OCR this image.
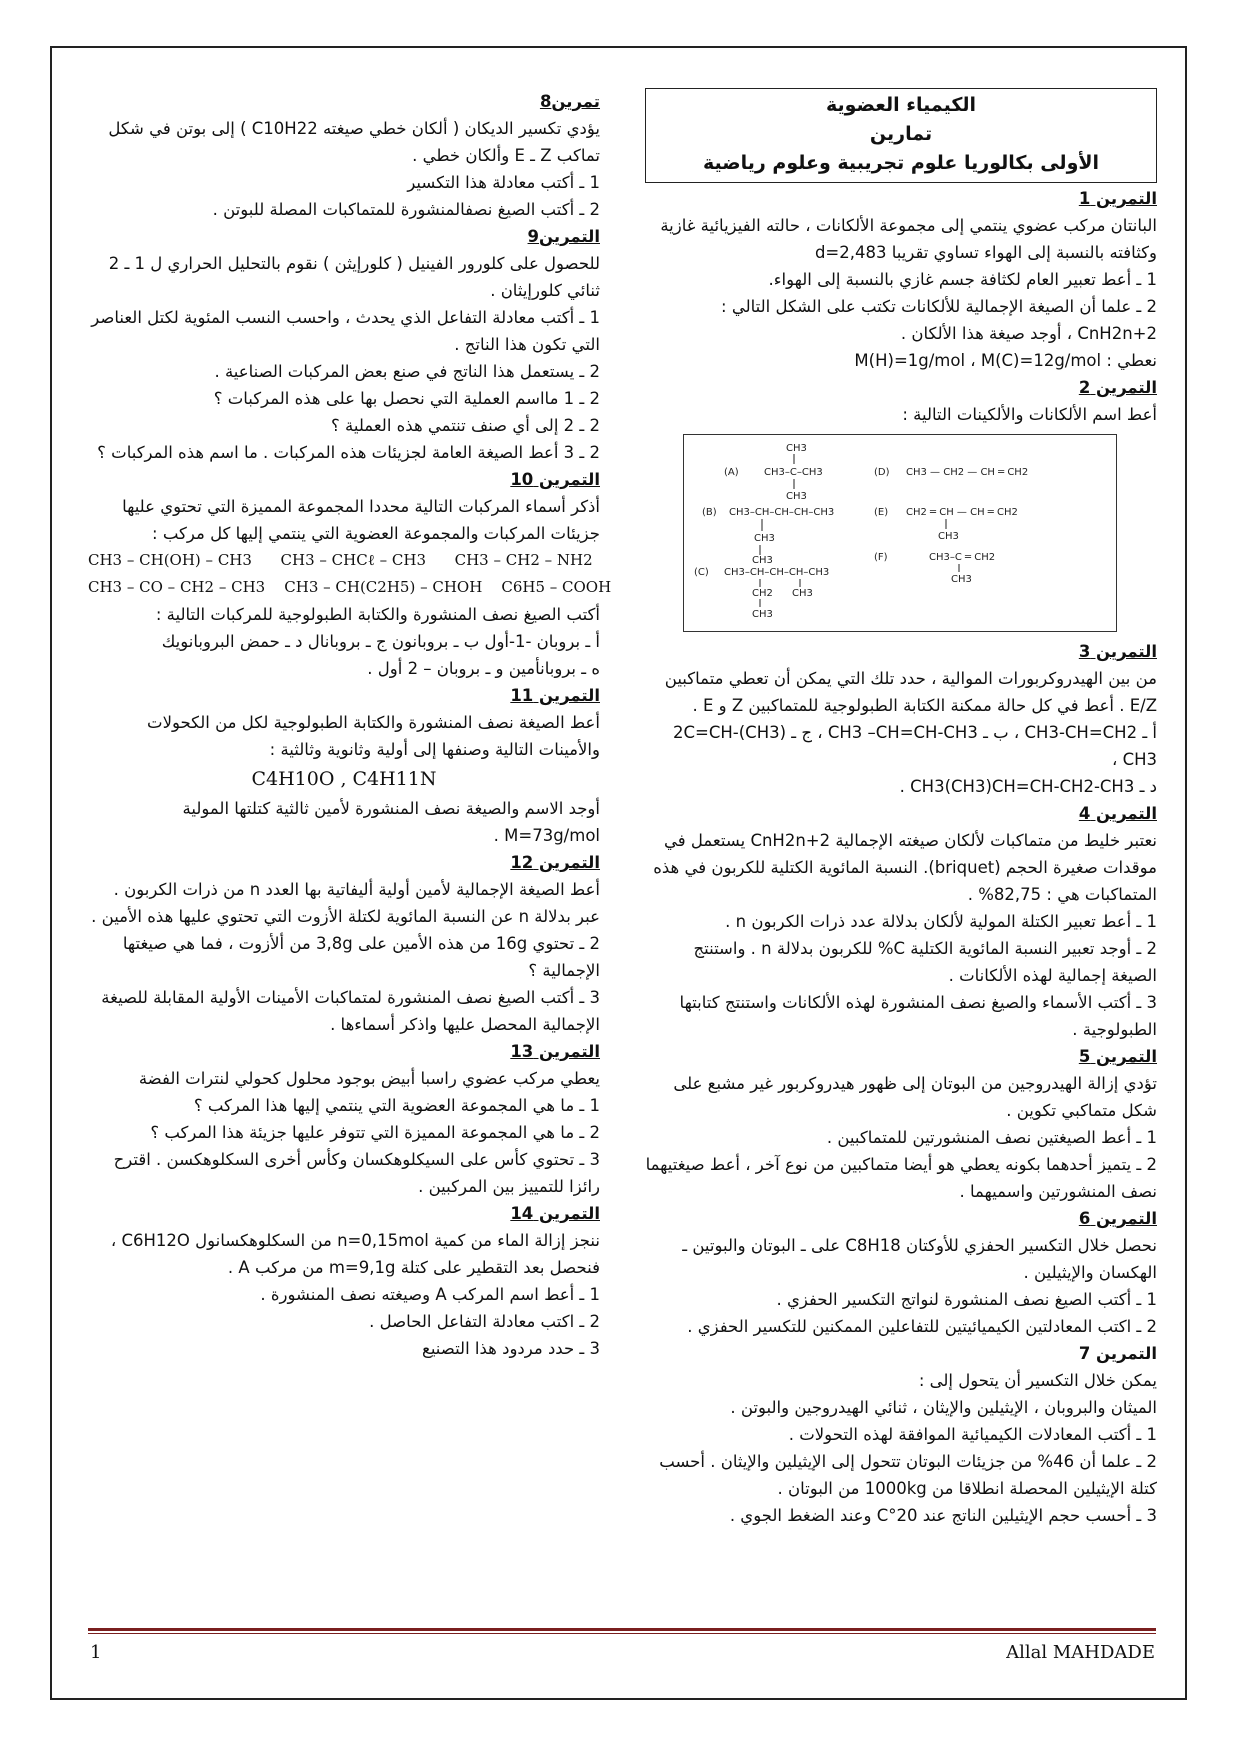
الكيمياء العضوية
تمارين
الأولى بكالوريا علوم تجريبية وعلوم رياضية
التمرين 1

البانتان مركب عضوي ينتمي إلى مجموعة الألكانات ، حالته الفيزيائية غازية وكثافته بالنسبة إلى الهواء تساوي تقريبا d=2,483

1 ـ أعط تعبير العام لكثافة جسم غازي بالنسبة إلى الهواء.

2 ـ علما أن الصيغة الإجمالية للألكانات تكتب على الشكل التالي : CnH2n+2 ، أوجد صيغة هذا الألكان .

نعطي : M(H)=1g/mol ، M(C)=12g/mol

التمرين 2

أعط اسم الألكانات والألكينات التالية :

(A)
CH3
CH3–C–CH3
CH3
(D) CH3 — CH2 — CH ═ CH2
(B) CH3–CH–CH–CH–CH3
CH3
CH3
(E) CH2 ═ CH — CH ═ CH2
CH3
(C) CH3–CH–CH–CH–CH3
CH2
CH3
CH3
(F)	CH3–C ═ CH2
CH3
التمرين 3

من بين الهيدروكربورات الموالية ، حدد تلك التي يمكن أن تعطي متماكبين E/Z . أعط في كل حالة ممكنة الكتابة الطبولوجية للمتماكبين Z و E .

أ ـ CH3-CH=CH2 ، ب ـ CH3 –CH=CH-CH3 ، ج ـ (CH3)2C=CH-CH3 ،

د ـ CH3(CH3)CH=CH-CH2-CH3 .

التمرين 4

نعتبر خليط من متماكبات لألكان صيغته الإجمالية CnH2n+2 يستعمل في موقدات صغيرة الحجم (briquet). النسبة المائوية الكتلية للكربون في هذه المتماكبات هي : 82,75% .

1 ـ أعط تعبير الكتلة المولية لألكان بدلالة عدد ذرات الكربون n .

2 ـ أوجد تعبير النسبة المائوية الكتلية C% للكربون بدلالة n . واستنتج الصيغة إجمالية لهذه الألكانات .

3 ـ أكتب الأسماء والصيغ نصف المنشورة لهذه الألكانات واستنتج كتابتها الطبولوجية .

التمرين 5

تؤدي إزالة الهيدروجين من البوتان إلى ظهور هيدروكربور غير مشبع على شكل متماكبي تكوين .

1 ـ أعط الصيغتين نصف المنشورتين للمتماكبين .

2 ـ يتميز أحدهما بكونه يعطي هو أيضا متماكبين من نوع آخر ، أعط صيغتيهما نصف المنشورتين واسميهما .

التمرين 6

نحصل خلال التكسير الحفزي للأوكتان C8H18 على ـ البوتان والبوتين ـ الهكسان والإيثيلين .

1 ـ أكتب الصيغ نصف المنشورة لنواتج التكسير الحفزي .

2 ـ اكتب المعادلتين الكيميائيتين للتفاعلين الممكنين للتكسير الحفزي .

التمرين 7

يمكن خلال التكسير أن يتحول إلى :

الميثان والبروبان ، الإيثيلين والإيثان ، ثنائي الهيدروجين والبوتن .

1 ـ أكتب المعادلات الكيميائية الموافقة لهذه التحولات .

2 ـ علما أن 46% من جزيئات البوتان تتحول إلى الإيثيلين والإيثان . أحسب كتلة الإيثيلين المحصلة انطلاقا من 1000kg من البوتان .

3 ـ أحسب حجم الإيثيلين الناتج عند 20°C وعند الضغط الجوي .

تمرين8

يؤدي تكسير الديكان ( ألكان خطي صيغته C10H22 ) إلى بوتن في شكل تماكب Z ـ E وألكان خطي .

1 ـ أكتب معادلة هذا التكسير

2 ـ أكتب الصيغ نصفالمنشورة للمتماكبات المصلة للبوتن .

التمرين9

للحصول على كلورور الفينيل ( كلورإيثن ) نقوم بالتحليل الحراري ل 1 ـ 2 ثنائي كلورإيثان .

1 ـ أكتب معادلة التفاعل الذي يحدث ، واحسب النسب المئوية لكتل العناصر التي تكون هذا الناتج .

2 ـ يستعمل هذا الناتج في صنع بعض المركبات الصناعية .

2 ـ 1 مااسم العملية التي نحصل بها على هذه المركبات ؟

2 ـ 2 إلى أي صنف تنتمي هذه العملية ؟

2 ـ 3 أعط الصيغة العامة لجزيئات هذه المركبات . ما اسم هذه المركبات ؟

التمرين 10

أذكر أسماء المركبات التالية محددا المجموعة المميزة التي تحتوي عليها جزيئات المركبات والمجموعة العضوية التي ينتمي إليها كل مركب :

CH3 – CH(OH) – CH3      CH3 – CHCℓ – CH3      CH3 – CH2 – NH2
CH3 – CO – CH2 – CH3    CH3 – CH(C2H5) – CHOH    C6H5 – COOH

أكتب الصيغ نصف المنشورة والكتابة الطبولوجية للمركبات التالية :

أ ـ بروبان -1-أول ب ـ بروبانون ج ـ بروبانال د ـ حمض البروبانويك

ه ـ بروبانأمين و ـ بروبان – 2 أول .

التمرين 11

أعط الصيغة نصف المنشورة والكتابة الطبولوجية لكل من الكحولات والأمينات التالية وصنفها إلى أولية وثانوية وثالثية :

C4H10O , C4H11N

أوجد الاسم والصيغة نصف المنشورة لأمين ثالثية كتلتها المولية M=73g/mol .

التمرين 12

أعط الصيغة الإجمالية لأمين أولية أليفاتية بها العدد n من ذرات الكربون . عبر بدلالة n عن النسبة المائوية لكتلة الأزوت التي تحتوي عليها هذه الأمين .

2 ـ تحتوي 16g من هذه الأمين على 3,8g من ألأزوت ، فما هي صيغتها الإجمالية ؟

3 ـ أكتب الصيغ نصف المنشورة لمتماكبات الأمينات الأولية المقابلة للصيغة الإجمالية المحصل عليها واذكر أسماءها .

التمرين 13

يعطي مركب عضوي راسبا أبيض بوجود محلول كحولي لنترات الفضة

1 ـ ما هي المجموعة العضوية التي ينتمي إليها هذا المركب ؟

2 ـ ما هي المجموعة المميزة التي تتوفر عليها جزيئة هذا المركب ؟

3 ـ تحتوي كأس على السيكلوهكسان وكأس أخرى السكلوهكسن . اقترح رائزا للتمييز بين المركبين .

التمرين 14

ننجز إزالة الماء من كمية n=0,15mol من السكلوهكسانول C6H12O ، فنحصل بعد التقطير على كتلة m=9,1g من مركب A .

1 ـ أعط اسم المركب A وصيغته نصف المنشورة .

2 ـ اكتب معادلة التفاعل الحاصل .

3 ـ حدد مردود هذا التصنيع

1	Allal MAHDADE
